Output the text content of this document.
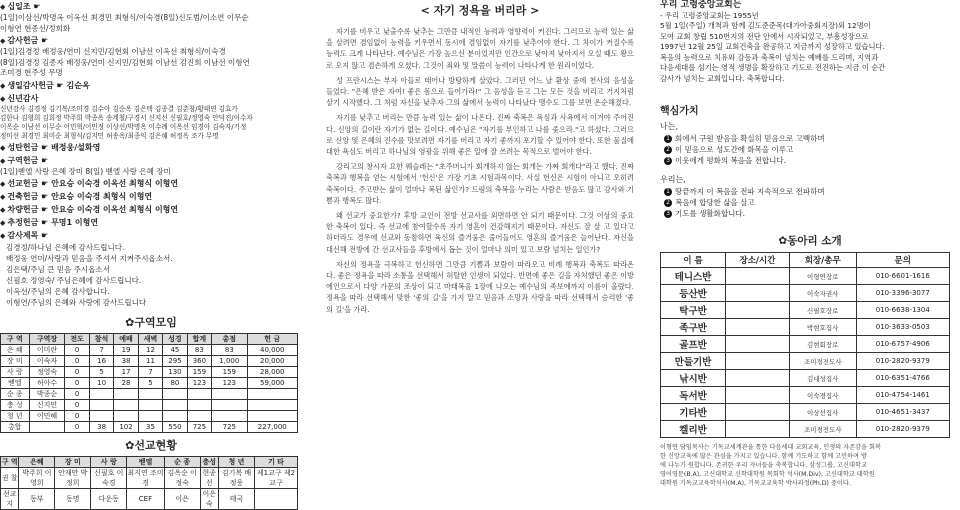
◆ 십일조 ☛
(1일)이삼선/박명옥 이옥선 최경민 최형식/이숙경(8일)신도범/이소연 이무순
이형연 현종선/정희화
◆ 감사헌금 ☛
(1일)김경정 배정웅/연미 신지민/김현회 이남선 이옥선 최형식/이숙경
(8일)김경정 김종자 배정웅/연미 신지민/김현회 이남선 김진희 이남선 이형연
조미경 현주성 무명
◆ 생일감사헌금 ☛ 김순옥
◆ 신년감사
신년감사 김경정 김기복/조미경 김수아 김순옥 김은택 김종결 김춘창/황태연 김효가
김한나 김형희 김희정 박주희 박종옥 송계철/구경서 신지선 신필호/정영숙 안덕진/이수자
이옥순 이남선 이무순 이민혁/이민정 이상선/박명옥 이수례 이옥선 임경아 김숙자/기정
정미선 최경민 최미순 최형식/김지민 허송옥/최종익 김은혜 허정옥 조가 무명
◆ 성탄헌금 ☛ 배정웅/설화영
◆ 구역헌금 ☛
(1일)벧엘 사랑 은혜 장미 8(일) 벧엘 사랑 은혜 장미
◆ 선교헌금 ☛ 안요승 이숙경 이옥선 최형식 이형연
◆ 건축헌금 ☛ 안요승 이숙경 최형식 이형연
◆ 차량헌금 ☛ 안요승 이숙경 이옥선 최형식 이형연
◆ 추정헌금 ☛ 무명1 이형연
◆ 감사제목 ☛
김경정/하나님 은혜에 감사드립니다.
배정웅 연미/사랑과 믿음을 주셔서 지켜주시옵소서.
김은택/주님 큰 믿음 주시옵소서
신필호 정영숙/ 주님은혜에 감사드립니다.
이옥선/주님의 은혜 감사합니다.
이형연/주님의 은혜와 사랑에 감사드립니다
✿구역모임
구 역	구역장	전도	참석	예배	새벽	성경	합계	총점	헌 금
은 혜	이미란	0	7	19	12	45	83	83	40,000
장 미	이숙자	0	16	38	11	295	360	1,000	20,000
사 랑	정영숙	0	5	17	7	130	159	159	28,000
벧엘	허아수	0	10	28	5	80	123	123	59,000
순 종	박종순	0							
충 성	신지민	0							
청 년	이민혜	0							
총합		0	38	102	35	550	725	725	227,000
✿선교현황
구 역	은혜	장 미	사 랑	벧엘	순 종	충성	청 년	기 타
권 찰	박주희 이영희	안재만 박정희	신필호 이숙경	최지연 조미경	김옥순 이정숙	현종선	김기복 배정웅	제1교구 제2교구
선교지	동부	동명	다운동	CEF	이은	이은숙	태국	
< 자기 정욕을 버리라 >

자기를 비우고 낮출수록 낮추는 그만큼 내적인 능력과 영향력이 커진다. 그러므로 능력 있는 삶을 살려면 겸임없이 능력을 키우면서 동시에 겸임없이 자기를 낮추어야 한다. 그 차이가 커질수록 능력도 크게 나타난다. 예수님은 가장 높으신 분이었지만 인간으로 낮아져 낮아지서 오실 때도 왕으로 오지 않고 겸손하게 오셨다. 그것이 죄와 및 말씀이 능력이 나타나게 한 원리이었다.

성 프란시스는 부자 아들로 태어나 방탕하게 살았다. 그러던 어느 날 환상 중에 천사의 음성을 들었다. "은혜 받은 자여! 좋은 몸으로 들어가라!" 그 음성을 듣고 그는 모든 것을 버리고 거지처럼 살기 시작했다. 그 처럼 자신을 낮추자 그의 삶에서 능력이 나타났다 맹수도 그를 보면 온순해졌다.

자기를 낮추고 버리는 만큼 능력 있는 삶이 나온다. 진짜 축복은 욕심과 사욕에서 이겨야 주어진다. 신앙의 길이란 자기가 없는 길이다. 예수님은 "자기를 부인하고 나를 좇으라."고 하셨다. 그러므로 신앙 및 은혜의 진수를 맛보려면 자기를 버리고 자기 좋까지 포기할 수 있어야 한다. 또한 물질에 대한 욕심도 버리고 하나님의 영광을 위해 좋은 일에 잘 쓰려는 목적으로 벌어야 한다.

강리고의 창시자 요한 웨슬레는 "초주머니가 회개하지 않는 회개는 가짜 회개다"라고 했다. 진짜 축복과 행복을 얻는 시험에서 '헌신'은 가장 기초 시험과목이다. 사실 헌신은 시험이 아니고 오히려 축복이다. 주고받는 삶이 얼마나 복된 삶인가? 드림의 축복을 누리는 사람은 받음도 많고 감사와 기쁨과 행복도 많다.

왜 선교가 중요한가? 후방 교인이 전방 선교사를 외면하면 안 되기 때문이다. 그것 이상의 중요한 축복이 있다. 즉 선교에 참여할수록 자기 영혼이 건강해지기 때문이다. 자신도 잘 살 고 있다고 하더라도 경우에 선교와 동참하면 육신의 즐거움은 줄어들어도 영혼의 즐거움은 늘어난다. 자신을 대신해 전방에 간 선교사들을 후방에서 돕는 것이 얼마나 의미 있고 보람 넘치는 일인가?

자신의 정욕을 극복하고 헌신하면 그만큼 기쁨과 보람이 따라오고 비례 행복과 축복도 따라온다. 좋은 정욕을 따라 소통을 선택해서 허탈한 인생이 되었다. 반면에 좋은 길을 자처했던 좋은 이방에인으로서 다양 가문의 조상이 되고 마태복음 1장에 나오는 예수님의 족보에까지 이름이 올랐다. 정욕을 따라 선택해서 맞한 '좋의 길'을 가지 말고 믿음과 소망과 사랑을 따라 선택해서 승리한 '좋의 길'을 가라.

우리 고령중앙교회는
- 우리 고령중앙교회는 1955년
5월 1일(주일) 개척과 함께 김도준준목(대가아중회지장)외 12명이
모여 교회 창립 510번지의 전단 안에서 시작되었고, 부흥성장으로
1997년 12월 25일 교회건축을 완공하고 지금까지 성장하고 있습니다.
복음의 능력으로 치유와 감동과 축복이 넘치는 예배를 드리며, 지역과
다음세대를 섬기는 영적 생명을 확장하고 기도로 전진하는 지금 이 순간
감사가 넘치는 교회입니다. 축복합니다.
핵심가치
나는,
1 회에서 구원 받음을 확실히 믿음으로 고백하며
2 이 믿음으로 성도간에 화목을 이루고
3 이웃에게 평화의 복음을 전합니다.
우리는,
1 땅끝까지 이 복음을 전파 지속적으로 전파하며
2 복음에 합당한 삶을 살고
3 기도를 생활화합니다.
✿동아리 소개
이 름	장소/시간	회장/총무	문의
테니스반		이형연장로	010-6601-1616
등산반		이숙자권사	010-3396-3077
탁구반		신필호장로	010-6638-1304
족구반		박현호집사	010-3633-0503
골프반		김현회장로	010-6757-4906
만들기반		조미경전도사	010-2820-9379
낚시반		김대성집사	010-6351-4766
독서반		이숙경집사	010-4754-1461
기타반		이상선집사	010-4651-3437
켈리반		조미경전도사	010-2820-9379
이형연 담임목사는 기독교세계관을 통한 다음세대 교회교육, 인생의 자존감을 회복
한 신앙교육에 많은 관심을 가지고 있습니다. 함께 기도하고 함께 고민하며 방
에 나누기 원합니다. 존귀한 우리 자녀들을 축복합니다. 삼성그룹, 고신대학교
영어영문(B.A), 고신대학교 신학대학원 목회학 석사(M.Div), 고신대학교 대학원
대학원 기독교교육학석사(M.A), 기독교교육학 박사과정(Ph.D) 중이다.
